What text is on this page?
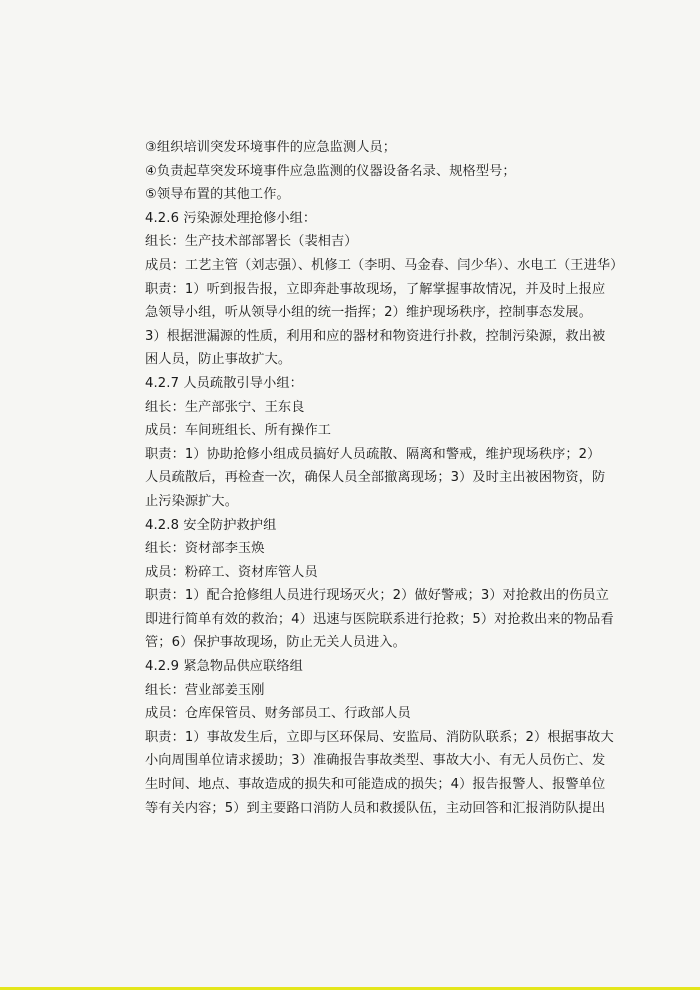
③组织培训突发环境事件的应急监测人员；
④负责起草突发环境事件应急监测的仪器设备名录、规格型号；
⑤领导布置的其他工作。
4.2.6 污染源处理抢修小组：
组长：生产技术部部署长（裴相吉）
成员：工艺主管（刘志强）、机修工（李明、马金春、闫少华）、水电工（王进华）
职责：1）听到报告报，立即奔赴事故现场，了解掌握事故情况，并及时上报应
急领导小组，听从领导小组的统一指挥；2）维护现场秩序，控制事态发展。
3）根据泄漏源的性质，利用和应的器材和物资进行扑救，控制污染源，救出被
困人员，防止事故扩大。
4.2.7 人员疏散引导小组：
组长：生产部张宁、王东良
成员：车间班组长、所有操作工
职责：1）协助抢修小组成员搞好人员疏散、隔离和警戒，维护现场秩序；2）
人员疏散后，再检查一次，确保人员全部撤离现场；3）及时主出被困物资，防
止污染源扩大。
4.2.8 安全防护救护组
组长：资材部李玉焕
成员：粉碎工、资材库管人员
职责：1）配合抢修组人员进行现场灭火；2）做好警戒；3）对抢救出的伤员立
即进行简单有效的救治；4）迅速与医院联系进行抢救；5）对抢救出来的物品看
管；6）保护事故现场，防止无关人员进入。
4.2.9 紧急物品供应联络组
组长：营业部姜玉刚
成员：仓库保管员、财务部员工、行政部人员
职责：1）事故发生后，立即与区环保局、安监局、消防队联系；2）根据事故大
小向周围单位请求援助；3）准确报告事故类型、事故大小、有无人员伤亡、发
生时间、地点、事故造成的损失和可能造成的损失；4）报告报警人、报警单位
等有关内容；5）到主要路口消防人员和救援队伍，主动回答和汇报消防队提出
